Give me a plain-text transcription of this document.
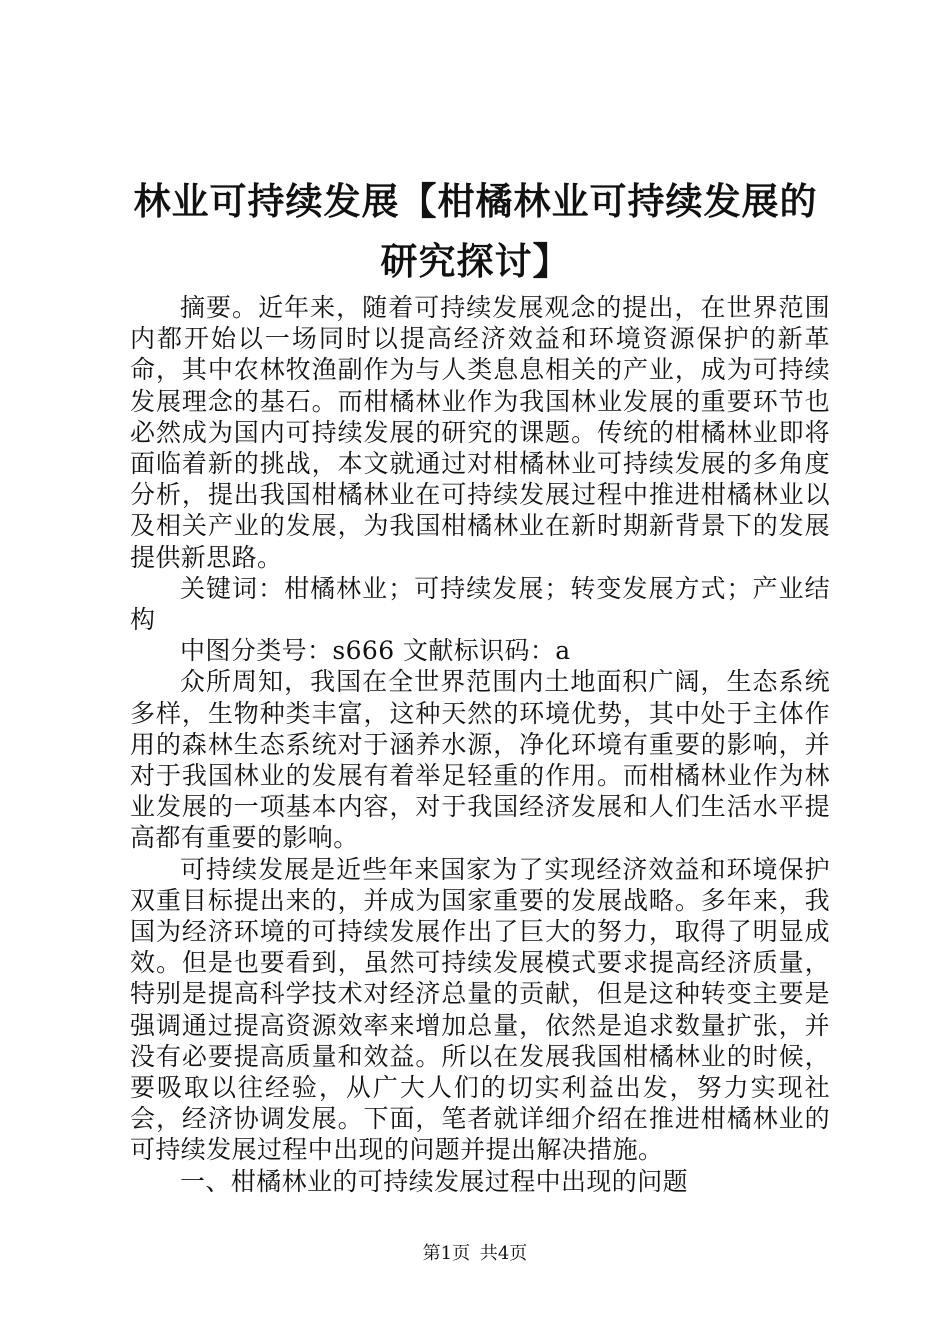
林业可持续发展【柑橘林业可持续发展的研究探讨】

摘要。近年来，随着可持续发展观念的提出，在世界范围内都开始以一场同时以提高经济效益和环境资源保护的新革命，其中农林牧渔副作为与人类息息相关的产业，成为可持续发展理念的基石。而柑橘林业作为我国林业发展的重要环节也必然成为国内可持续发展的研究的课题。传统的柑橘林业即将面临着新的挑战，本文就通过对柑橘林业可持续发展的多角度分析，提出我国柑橘林业在可持续发展过程中推进柑橘林业以及相关产业的发展，为我国柑橘林业在新时期新背景下的发展提供新思路。

关键词：柑橘林业；可持续发展；转变发展方式；产业结构

中图分类号：s666 文献标识码：a

众所周知，我国在全世界范围内土地面积广阔，生态系统多样，生物种类丰富，这种天然的环境优势，其中处于主体作用的森林生态系统对于涵养水源，净化环境有重要的影响，并对于我国林业的发展有着举足轻重的作用。而柑橘林业作为林业发展的一项基本内容，对于我国经济发展和人们生活水平提高都有重要的影响。

可持续发展是近些年来国家为了实现经济效益和环境保护双重目标提出来的，并成为国家重要的发展战略。多年来，我国为经济环境的可持续发展作出了巨大的努力，取得了明显成效。但是也要看到，虽然可持续发展模式要求提高经济质量，特别是提高科学技术对经济总量的贡献，但是这种转变主要是强调通过提高资源效率来增加总量，依然是追求数量扩张，并没有必要提高质量和效益。所以在发展我国柑橘林业的时候，要吸取以往经验，从广大人们的切实利益出发，努力实现社会，经济协调发展。下面，笔者就详细介绍在推进柑橘林业的可持续发展过程中出现的问题并提出解决措施。

一、柑橘林业的可持续发展过程中出现的问题

第1页 共4页
